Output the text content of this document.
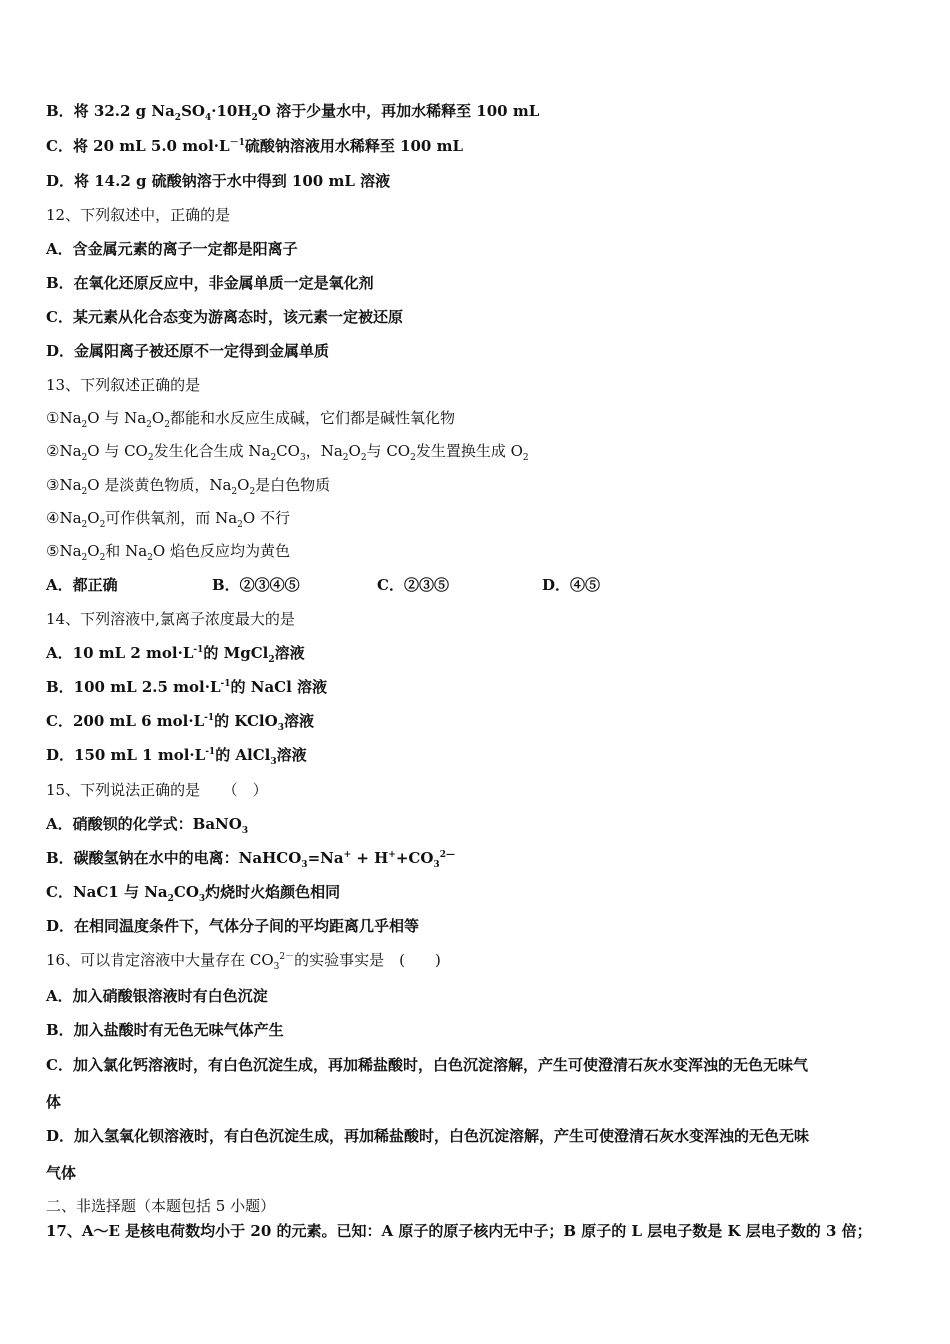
B．将 32.2 g $Na_2SO_4\cdot 10H_2O$ 溶于少量水中，再加水稀释至 100 mL
C．将 20 mL 5.0 $mol\cdot L^{-1}$硫酸钠溶液用水稀释至 100 mL
D．将 14.2 g 硫酸钠溶于水中得到 100 mL 溶液
12、下列叙述中，正确的是
A．含金属元素的离子一定都是阳离子
B．在氧化还原反应中，非金属单质一定是氧化剂
C．某元素从化合态变为游离态时，该元素一定被还原
D．金属阳离子被还原不一定得到金属单质
13、下列叙述正确的是
$①Na_2O$ 与 $Na_2O_2$都能和水反应生成碱，它们都是碱性氧化物
$②Na_2O$ 与 $CO_2$发生化合生成 $Na_2CO_3$，$Na_2O_2$与 $CO_2$发生置换生成 $O_2$
$③Na_2O$ 是淡黄色物质，$Na_2O_2$是白色物质
$④Na_2O_2$可作供氧剂，而 $Na_2O$ 不行
$⑤Na_2O_2$和 $Na_2O$ 焰色反应均为黄色
A．都正确	B．②③④⑤	C．②③⑤	D．④⑤
14、下列溶液中,氯离子浓度最大的是
A．10 mL 2 $mol\cdot L^{-1}$的 MgCl$_2$溶液
B．100 mL 2.5 $mol\cdot L^{-1}$的 NaCl 溶液
C．200 mL 6 $mol\cdot L^{-1}$的 KClO$_3$溶液
D．150 mL 1 $mol\cdot L^{-1}$的 AlCl$_3$溶液
15、下列说法正确的是　　（　）
A．硝酸钡的化学式：BaNO$_3$
B．碳酸氢钠在水中的电离：NaHCO$_3$=Na+ + $H^++CO_3^{2—}$
C．NaC1 与 $Na_2CO_3$灼烧时火焰颜色相同
D．在相同温度条件下，气体分子间的平均距离几乎相等
16、可以肯定溶液中大量存在 $CO_3^{2-}$的实验事实是　(　　)
A．加入硝酸银溶液时有白色沉淀
B．加入盐酸时有无色无味气体产生
C．加入氯化钙溶液时，有白色沉淀生成，再加稀盐酸时，白色沉淀溶解，产生可使澄清石灰水变浑浊的无色无味气
体
D．加入氢氧化钡溶液时，有白色沉淀生成，再加稀盐酸时，白色沉淀溶解，产生可使澄清石灰水变浑浊的无色无味
气体
二、非选择题（本题包括 5 小题）
17、A～E 是核电荷数均小于 20 的元素。已知：A 原子的原子核内无中子；B 原子的 L 层电子数是 K 层电子数的 3 倍；
